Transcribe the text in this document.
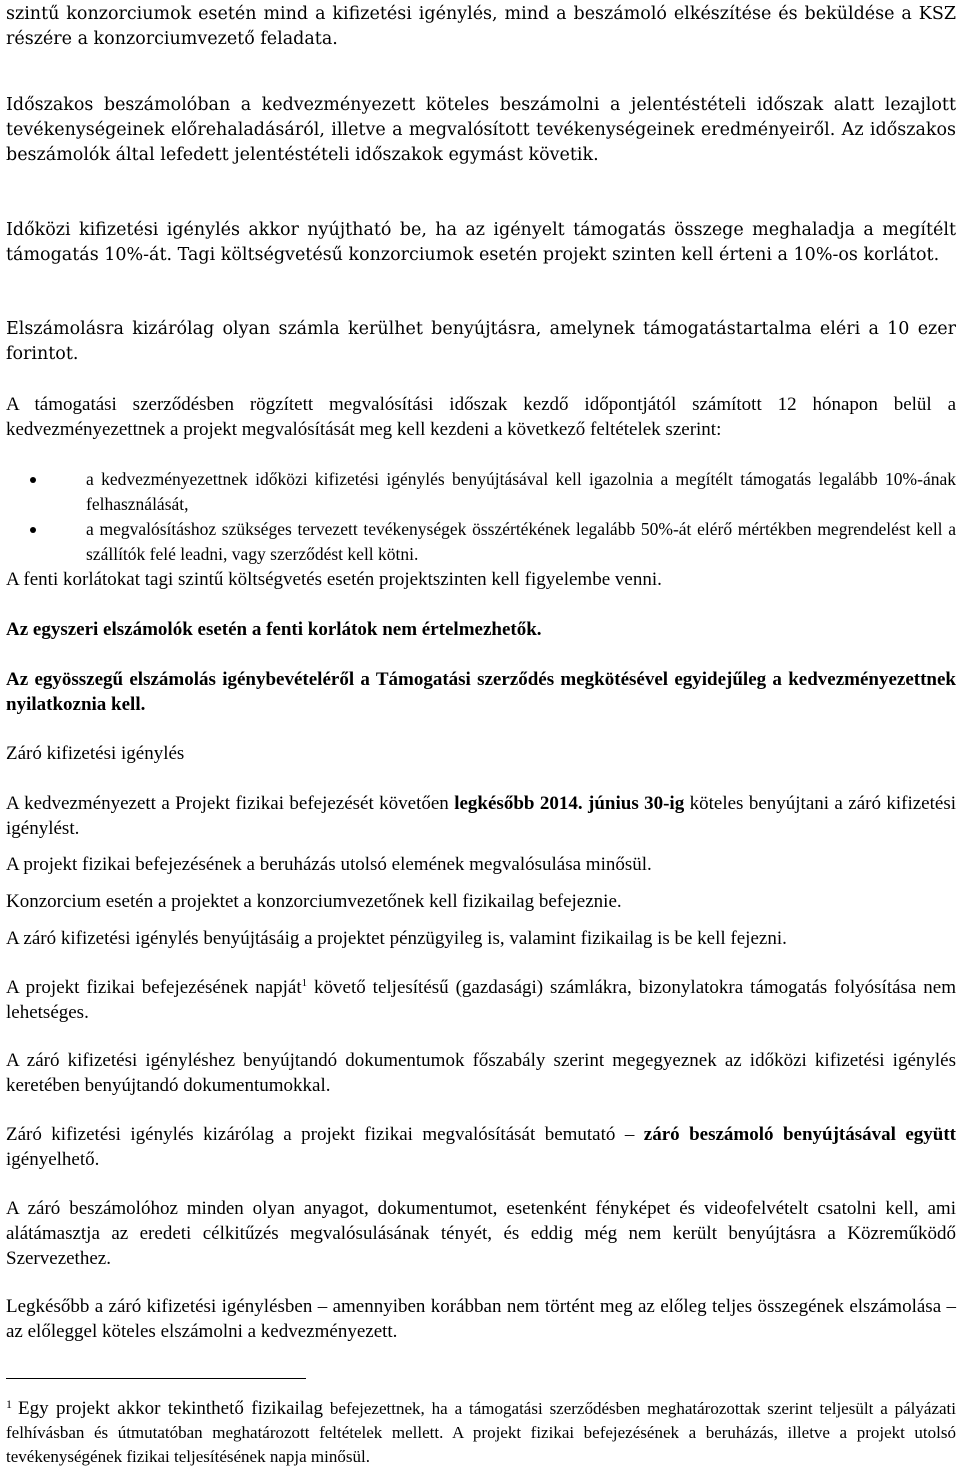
szintű konzorciumok esetén mind a kifizetési igénylés, mind a beszámoló elkészítése és beküldése a KSZ részére a konzorciumvezető feladata.

Időszakos beszámolóban a kedvezményezett köteles beszámolni a jelentéstételi időszak alatt lezajlott tevékenységeinek előrehaladásáról, illetve a megvalósított tevékenységeinek eredményeiről. Az időszakos beszámolók által lefedett jelentéstételi időszakok egymást követik.

Időközi kifizetési igénylés akkor nyújtható be, ha az igényelt támogatás összege meghaladja a megítélt támogatás 10%-át. Tagi költségvetésű konzorciumok esetén projekt szinten kell érteni a 10%-os korlátot.

Elszámolásra kizárólag olyan számla kerülhet benyújtásra, amelynek támogatástartalma eléri a 10 ezer forintot.

A támogatási szerződésben rögzített megvalósítási időszak kezdő időpontjától számított 12 hónapon belül a kedvezményezettnek a projekt megvalósítását meg kell kezdeni a következő feltételek szerint:

a kedvezményezettnek időközi kifizetési igénylés benyújtásával kell igazolnia a megítélt támogatás legalább 10%-ának felhasználását,
a megvalósításhoz szükséges tervezett tevékenységek összértékének legalább 50%-át elérő mértékben megrendelést kell a szállítók felé leadni, vagy szerződést kell kötni.

A fenti korlátokat tagi szintű költségvetés esetén projektszinten kell figyelembe venni.

Az egyszeri elszámolók esetén a fenti korlátok nem értelmezhetők.

Az egyösszegű elszámolás igénybevételéről a Támogatási szerződés megkötésével egyidejűleg a kedvezményezettnek nyilatkoznia kell.

Záró kifizetési igénylés

A kedvezményezett a Projekt fizikai befejezését követően legkésőbb 2014. június 30-ig köteles benyújtani a záró kifizetési igénylést.

A projekt fizikai befejezésének a beruházás utolsó elemének megvalósulása minősül.

Konzorcium esetén a projektet a konzorciumvezetőnek kell fizikailag befejeznie.

A záró kifizetési igénylés benyújtásáig a projektet pénzügyileg is, valamint fizikailag is be kell fejezni.

A projekt fizikai befejezésének napját$^1$ követő teljesítésű (gazdasági) számlákra, bizonylatokra támogatás folyósítása nem lehetséges.

A záró kifizetési igényléshez benyújtandó dokumentumok főszabály szerint megegyeznek az időközi kifizetési igénylés keretében benyújtandó dokumentumokkal.

Záró kifizetési igénylés kizárólag a projekt fizikai megvalósítását bemutató – záró beszámoló benyújtásával együtt igényelhető.

A záró beszámolóhoz minden olyan anyagot, dokumentumot, esetenként fényképet és videofelvételt csatolni kell, ami alátámasztja az eredeti célkitűzés megvalósulásának tényét, és eddig még nem került benyújtásra a Közreműködő Szervezethez.

Legkésőbb a záró kifizetési igénylésben – amennyiben korábban nem történt meg az előleg teljes összegének elszámolása – az előleggel köteles elszámolni a kedvezményezett.

$^1$ Egy projekt akkor tekinthető fizikailag befejezettnek, ha a támogatási szerződésben meghatározottak szerint teljesült a pályázati felhívásban és útmutatóban meghatározott feltételek mellett. A projekt fizikai befejezésének a beruházás, illetve a projekt utolsó tevékenységének fizikai teljesítésének napja minősül.
